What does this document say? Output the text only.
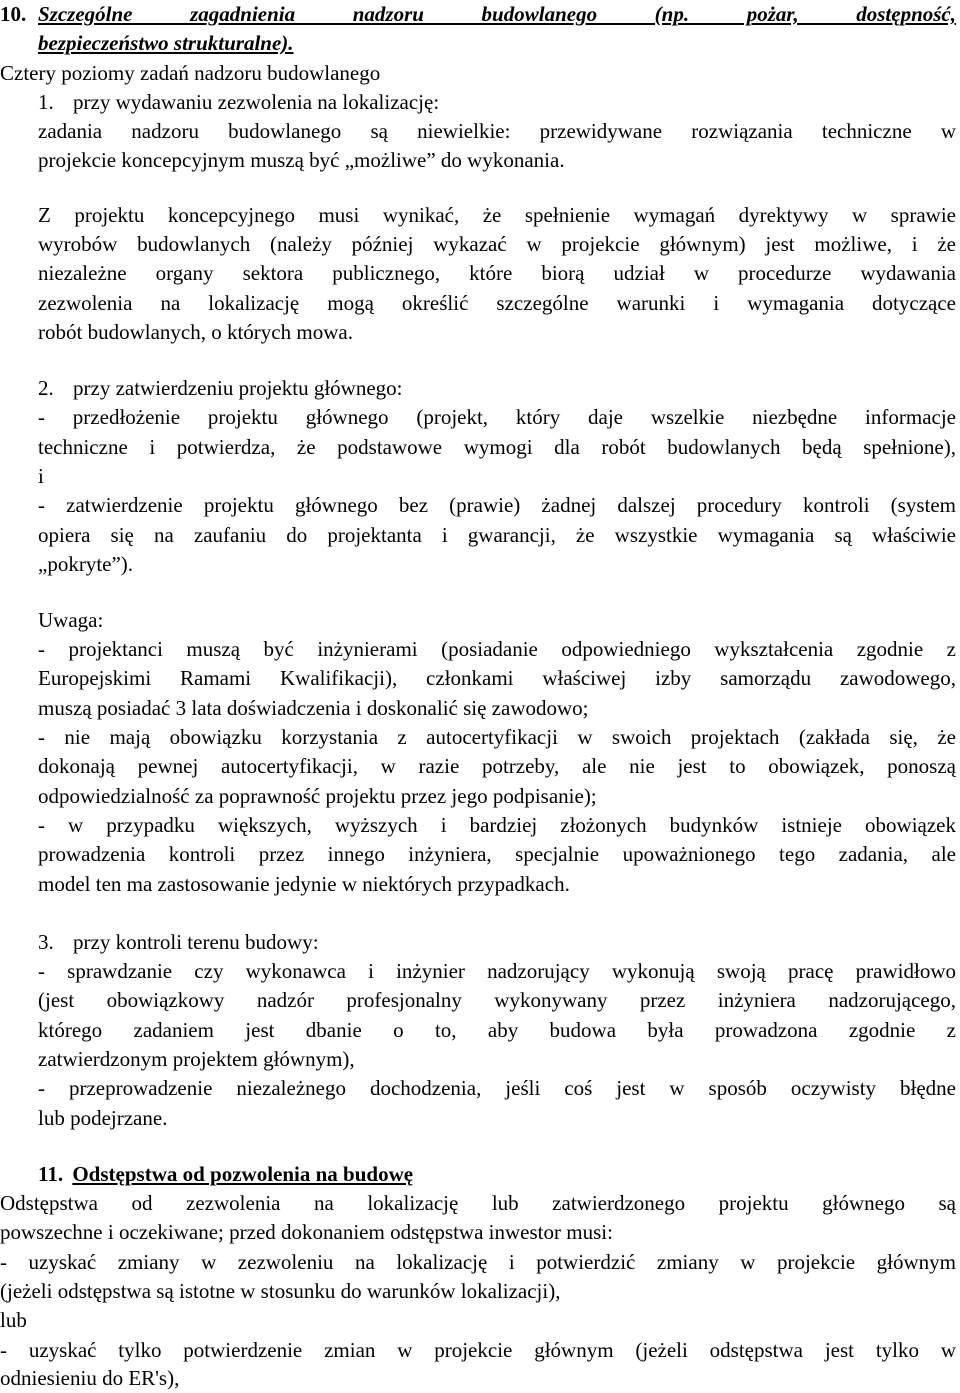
10. Szczególne zagadnienia nadzoru budowlanego (np. pożar, dostępność,
bezpieczeństwo strukturalne).
Cztery poziomy zadań nadzoru budowlanego
1. przy wydawaniu zezwolenia na lokalizację:
zadania nadzoru budowlanego są niewielkie: przewidywane rozwiązania techniczne w
projekcie koncepcyjnym muszą być „możliwe” do wykonania.
Z projektu koncepcyjnego musi wynikać, że spełnienie wymagań dyrektywy w sprawie
wyrobów budowlanych (należy później wykazać w projekcie głównym) jest możliwe, i że
niezależne organy sektora publicznego, które biorą udział w procedurze wydawania
zezwolenia na lokalizację mogą określić szczególne warunki i wymagania dotyczące
robót budowlanych, o których mowa.
2. przy zatwierdzeniu projektu głównego:
- przedłożenie projektu głównego (projekt, który daje wszelkie niezbędne informacje
techniczne i potwierdza, że podstawowe wymogi dla robót budowlanych będą spełnione),
i
- zatwierdzenie projektu głównego bez (prawie) żadnej dalszej procedury kontroli (system
opiera się na zaufaniu do projektanta i gwarancji, że wszystkie wymagania są właściwie
„pokryte”).
Uwaga:
- projektanci muszą być inżynierami (posiadanie odpowiedniego wykształcenia zgodnie z
Europejskimi Ramami Kwalifikacji), członkami właściwej izby samorządu zawodowego,
muszą posiadać 3 lata doświadczenia i doskonalić się zawodowo;
- nie mają obowiązku korzystania z autocertyfikacji w swoich projektach (zakłada się, że
dokonają pewnej autocertyfikacji, w razie potrzeby, ale nie jest to obowiązek, ponoszą
odpowiedzialność za poprawność projektu przez jego podpisanie);
- w przypadku większych, wyższych i bardziej złożonych budynków istnieje obowiązek
prowadzenia kontroli przez innego inżyniera, specjalnie upoważnionego tego zadania, ale
model ten ma zastosowanie jedynie w niektórych przypadkach.
3. przy kontroli terenu budowy:
- sprawdzanie czy wykonawca i inżynier nadzorujący wykonują swoją pracę prawidłowo
(jest obowiązkowy nadzór profesjonalny wykonywany przez inżyniera nadzorującego,
którego zadaniem jest dbanie o to, aby budowa była prowadzona zgodnie z
zatwierdzonym projektem głównym),
- przeprowadzenie niezależnego dochodzenia, jeśli coś jest w sposób oczywisty błędne
lub podejrzane.
11. Odstępstwa od pozwolenia na budowę
Odstępstwa od zezwolenia na lokalizację lub zatwierdzonego projektu głównego są
powszechne i oczekiwane; przed dokonaniem odstępstwa inwestor musi:
- uzyskać zmiany w zezwoleniu na lokalizację i potwierdzić zmiany w projekcie głównym
(jeżeli odstępstwa są istotne w stosunku do warunków lokalizacji),
lub
- uzyskać tylko potwierdzenie zmian w projekcie głównym (jeżeli odstępstwa jest tylko w
odniesieniu do ER's),
